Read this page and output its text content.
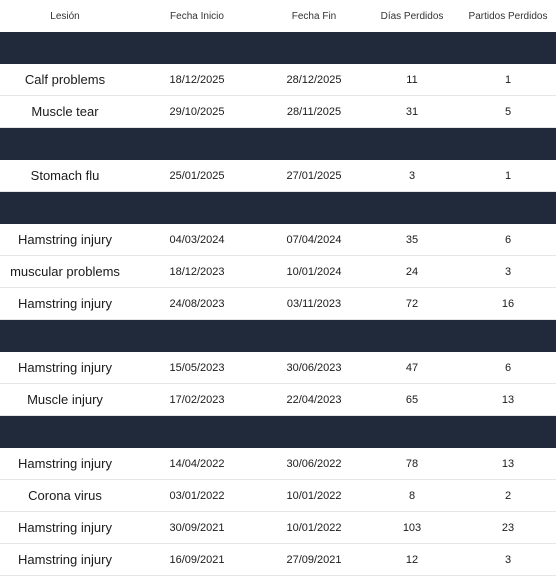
Lesión	Fecha Inicio	Fecha Fin	Días Perdidos	Partidos Perdidos

Calf problems	18/12/2025	28/12/2025	11	1
Muscle tear	29/10/2025	28/11/2025	31	5

Stomach flu	25/01/2025	27/01/2025	3	1

Hamstring injury	04/03/2024	07/04/2024	35	6
muscular problems	18/12/2023	10/01/2024	24	3
Hamstring injury	24/08/2023	03/11/2023	72	16

Hamstring injury	15/05/2023	30/06/2023	47	6
Muscle injury	17/02/2023	22/04/2023	65	13

Hamstring injury	14/04/2022	30/06/2022	78	13
Corona virus	03/01/2022	10/01/2022	8	2
Hamstring injury	30/09/2021	10/01/2022	103	23
Hamstring injury	16/09/2021	27/09/2021	12	3
